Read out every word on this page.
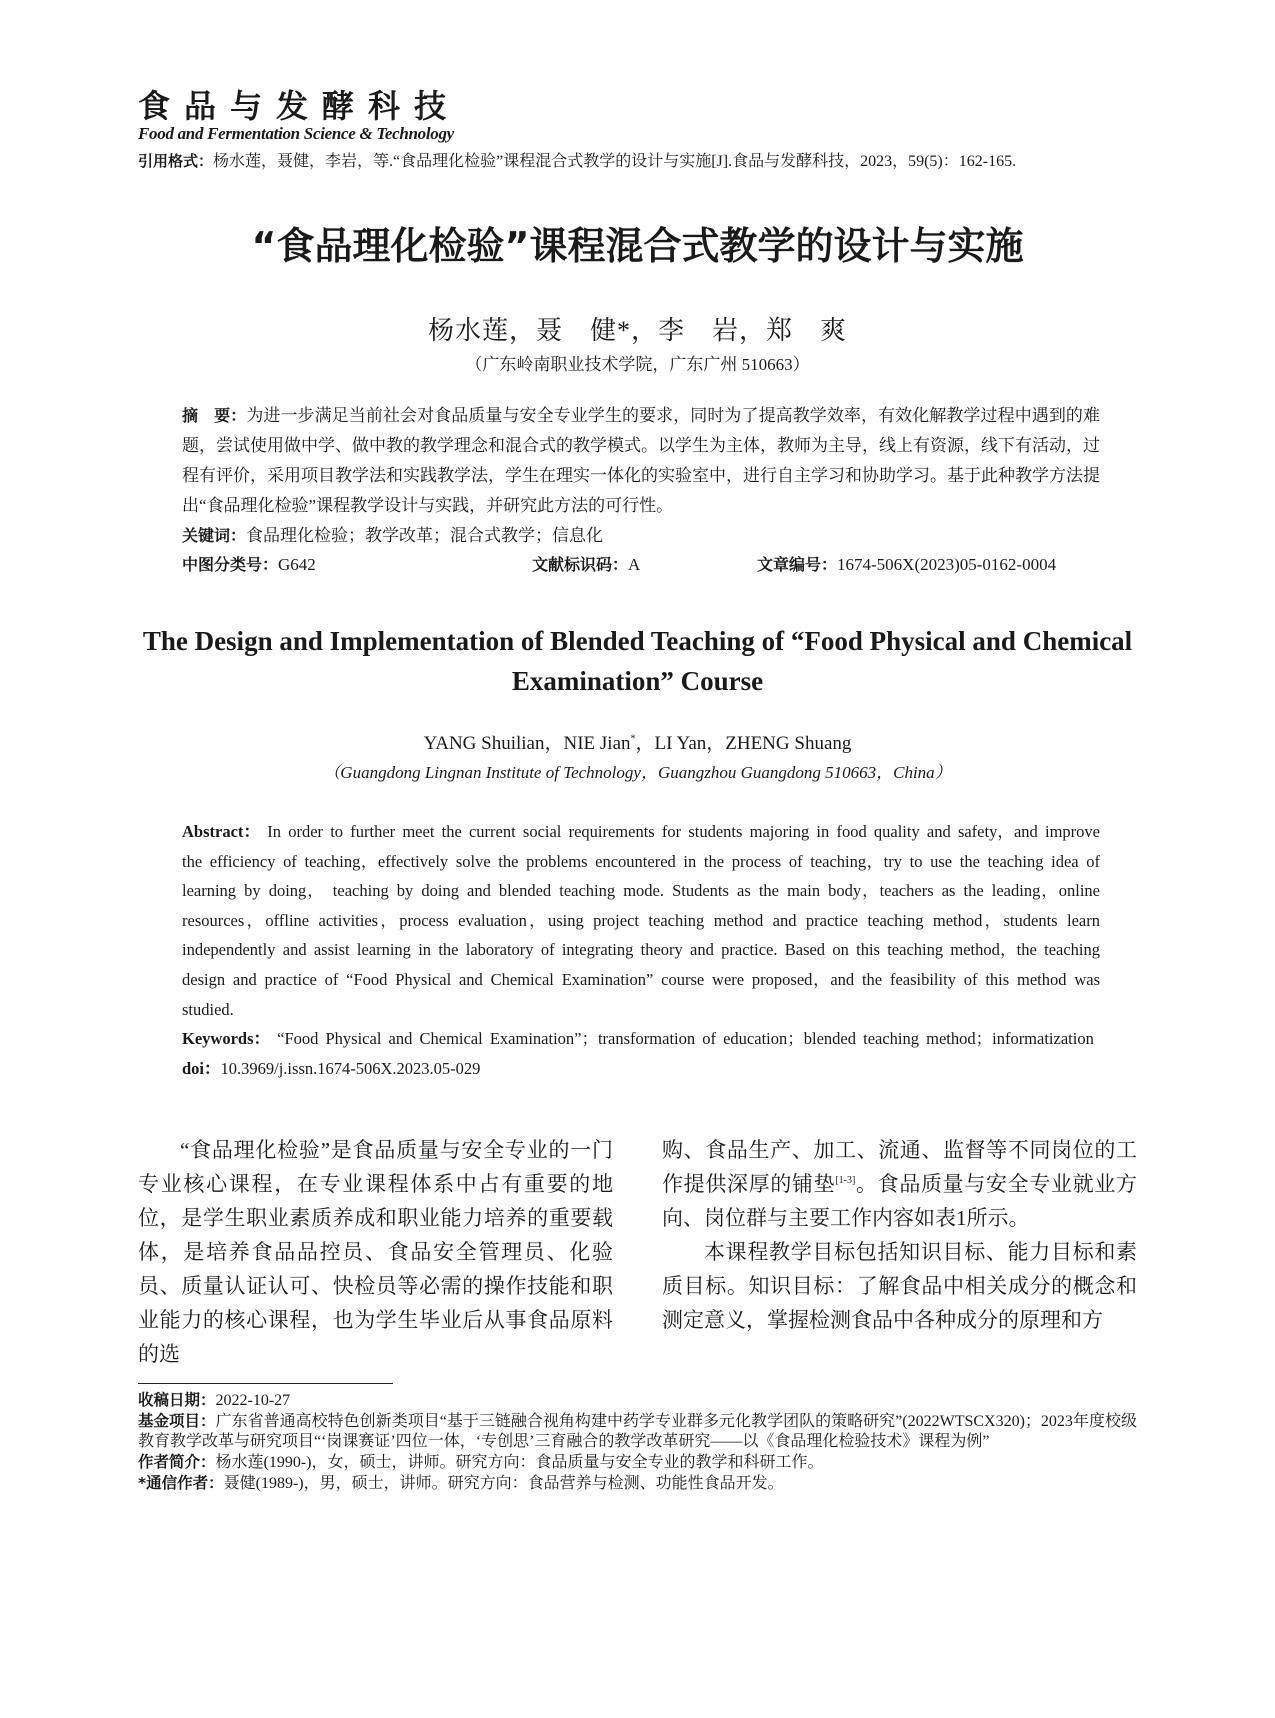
食品与发酵科技
Food and Fermentation Science & Technology
引用格式：杨水莲，聂健，李岩，等.“食品理化检验”课程混合式教学的设计与实施[J].食品与发酵科技，2023，59(5)：162-165.
“食品理化检验”课程混合式教学的设计与实施
杨水莲，聂　健*，李　岩，郑　爽
（广东岭南职业技术学院，广东广州 510663）
摘　要：为进一步满足当前社会对食品质量与安全专业学生的要求，同时为了提高教学效率，有效化解教学过程中遇到的难题，尝试使用做中学、做中教的教学理念和混合式的教学模式。以学生为主体，教师为主导，线上有资源，线下有活动，过程有评价，采用项目教学法和实践教学法，学生在理实一体化的实验室中，进行自主学习和协助学习。基于此种教学方法提出“食品理化检验”课程教学设计与实践，并研究此方法的可行性。
关键词：食品理化检验；教学改革；混合式教学；信息化
中图分类号：G642	文献标识码：A	文章编号：1674-506X(2023)05-0162-0004
The Design and Implementation of Blended Teaching of “Food Physical and Chemical Examination” Course
YANG Shuilian，NIE Jian*，LI Yan，ZHENG Shuang
（Guangdong Lingnan Institute of Technology，Guangzhou Guangdong 510663，China）
Abstract： In order to further meet the current social requirements for students majoring in food quality and safety，and improve the efficiency of teaching，effectively solve the problems encountered in the process of teaching，try to use the teaching idea of learning by doing， teaching by doing and blended teaching mode. Students as the main body，teachers as the leading，online resources，offline activities，process evaluation，using project teaching method and practice teaching method，students learn independently and assist learning in the laboratory of integrating theory and practice. Based on this teaching method，the teaching design and practice of “Food Physical and Chemical Examination” course were proposed，and the feasibility of this method was studied.
Keywords： “Food Physical and Chemical Examination”；transformation of education；blended teaching method；informatization
doi：10.3969/j.issn.1674-506X.2023.05-029

“食品理化检验”是食品质量与安全专业的一门专业核心课程，在专业课程体系中占有重要的地位，是学生职业素质养成和职业能力培养的重要载体，是培养食品品控员、食品安全管理员、化验员、质量认证认可、快检员等必需的操作技能和职业能力的核心课程，也为学生毕业后从事食品原料的选

购、食品生产、加工、流通、监督等不同岗位的工作提供深厚的铺垫[1-3]。食品质量与安全专业就业方向、岗位群与主要工作内容如表1所示。

本课程教学目标包括知识目标、能力目标和素质目标。知识目标：了解食品中相关成分的概念和测定意义，掌握检测食品中各种成分的原理和方

收稿日期：2022-10-27
基金项目：广东省普通高校特色创新类项目“基于三链融合视角构建中药学专业群多元化教学团队的策略研究”(2022WTSCX320)；2023年度校级教育教学改革与研究项目“‘岗课赛证’四位一体，‘专创思’三育融合的教学改革研究——以《食品理化检验技术》课程为例”
作者简介：杨水莲(1990-)，女，硕士，讲师。研究方向：食品质量与安全专业的教学和科研工作。
*通信作者：聂健(1989-)，男，硕士，讲师。研究方向：食品营养与检测、功能性食品开发。
